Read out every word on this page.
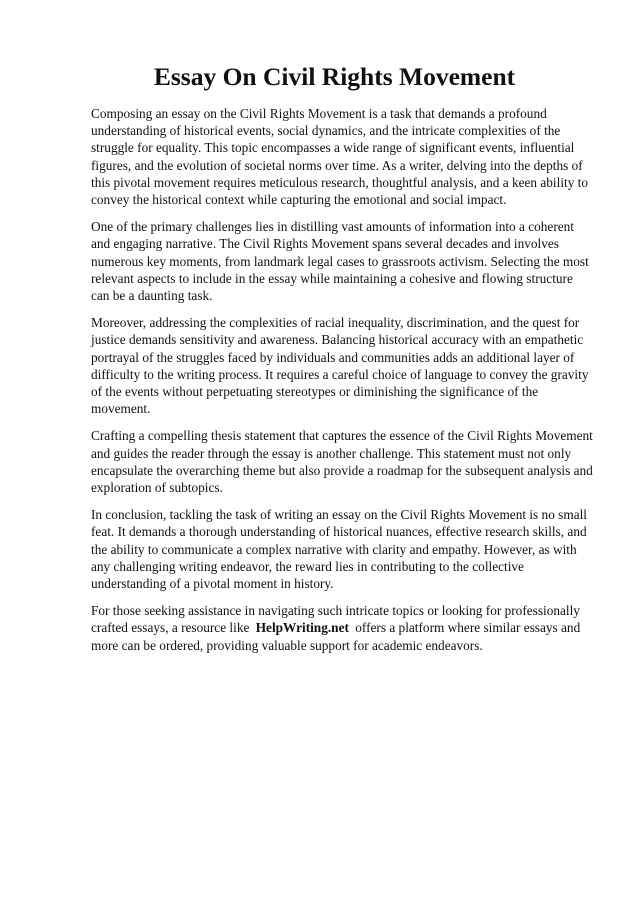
Essay On Civil Rights Movement

Composing an essay on the Civil Rights Movement is a task that demands a profound understanding of historical events, social dynamics, and the intricate complexities of the struggle for equality. This topic encompasses a wide range of significant events, influential figures, and the evolution of societal norms over time. As a writer, delving into the depths of this pivotal movement requires meticulous research, thoughtful analysis, and a keen ability to convey the historical context while capturing the emotional and social impact.

One of the primary challenges lies in distilling vast amounts of information into a coherent and engaging narrative. The Civil Rights Movement spans several decades and involves numerous key moments, from landmark legal cases to grassroots activism. Selecting the most relevant aspects to include in the essay while maintaining a cohesive and flowing structure can be a daunting task.

Moreover, addressing the complexities of racial inequality, discrimination, and the quest for justice demands sensitivity and awareness. Balancing historical accuracy with an empathetic portrayal of the struggles faced by individuals and communities adds an additional layer of difficulty to the writing process. It requires a careful choice of language to convey the gravity of the events without perpetuating stereotypes or diminishing the significance of the movement.

Crafting a compelling thesis statement that captures the essence of the Civil Rights Movement and guides the reader through the essay is another challenge. This statement must not only encapsulate the overarching theme but also provide a roadmap for the subsequent analysis and exploration of subtopics.

In conclusion, tackling the task of writing an essay on the Civil Rights Movement is no small feat. It demands a thorough understanding of historical nuances, effective research skills, and the ability to communicate a complex narrative with clarity and empathy. However, as with any challenging writing endeavor, the reward lies in contributing to the collective understanding of a pivotal moment in history.

For those seeking assistance in navigating such intricate topics or looking for professionally crafted essays, a resource like HelpWriting.net offers a platform where similar essays and more can be ordered, providing valuable support for academic endeavors.
